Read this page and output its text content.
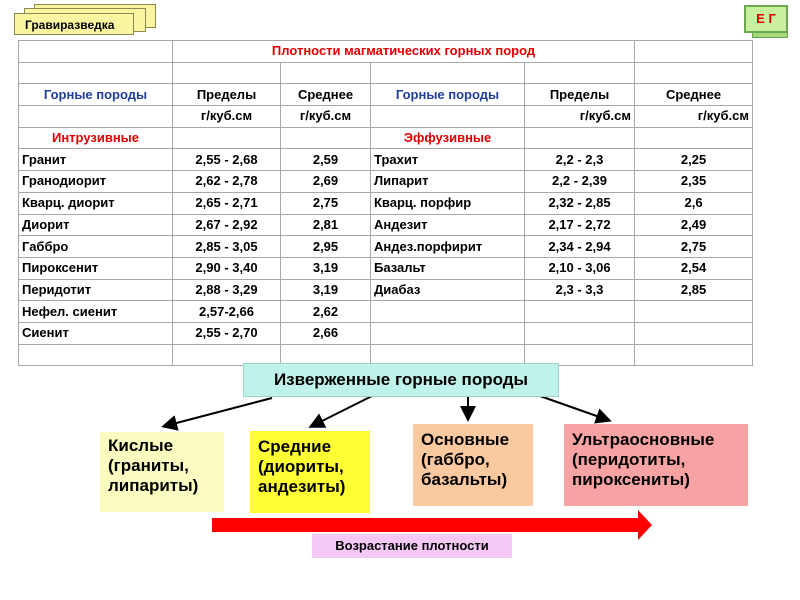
Гравиразведка	Е Г
	Плотности магматических горных пород				

Горные породы	Пределы	Среднее	Горные породы	Пределы	Среднее
	г/куб.см	г/куб.см		г/куб.см	г/куб.см
Интрузивные			Эффузивные		
Гранит	2,55 - 2,68	2,59	Трахит	2,2 - 2,3	2,25
Гранодиорит	2,62 - 2,78	2,69	Липарит	2,2 - 2,39	2,35
Кварц. диорит	2,65 - 2,71	2,75	Кварц. порфир	2,32 - 2,85	2,6
Диорит	2,67 - 2,92	2,81	Андезит	2,17 - 2,72	2,49
Габбро	2,85 - 3,05	2,95	Андез.порфирит	2,34 - 2,94	2,75
Пироксенит	2,90 - 3,40	3,19	Базальт	2,10 - 3,06	2,54
Перидотит	2,88 - 3,29	3,19	Диабаз	2,3 - 3,3	2,85
Нефел. сиенит	2,57-2,66	2,62			
Сиенит	2,55 - 2,70	2,66			

Изверженные горные породы
Кислые
(граниты,
липариты)
Средние
(диориты,
андезиты)
Основные
(габбро,
базальты)
Ультраосновные
(перидотиты,
пироксениты)
Возрастание плотности
